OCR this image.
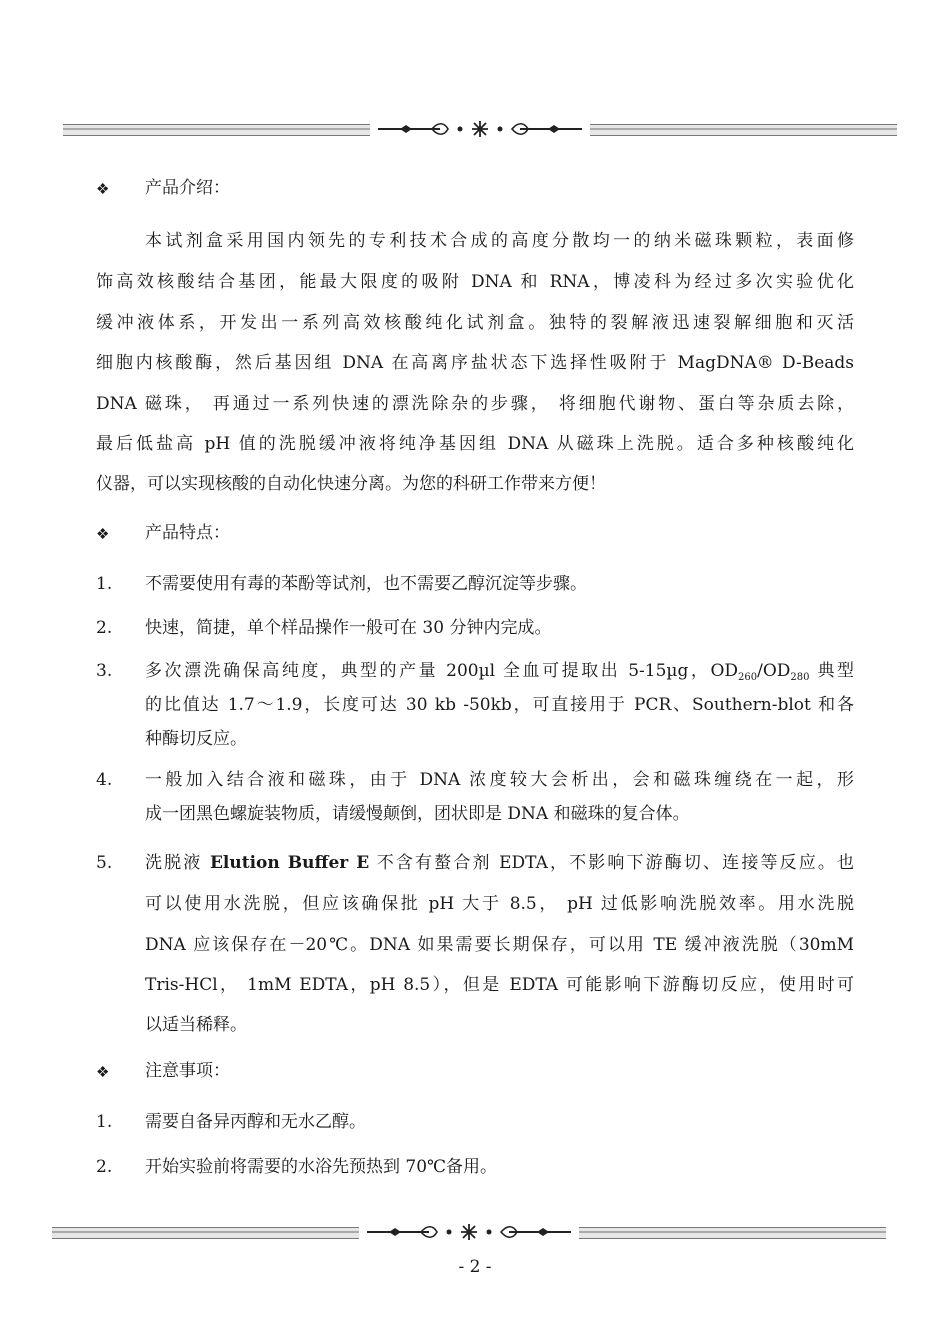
❖ 产品介绍：
本试剂盒采用国内领先的专利技术合成的高度分散均一的纳米磁珠颗粒，表面修
饰高效核酸结合基团，能最大限度的吸附 DNA 和 RNA，博凌科为经过多次实验优化
缓冲液体系，开发出一系列高效核酸纯化试剂盒。独特的裂解液迅速裂解细胞和灭活
细胞内核酸酶，然后基因组 DNA 在高离序盐状态下选择性吸附于 MagDNA® D-Beads
DNA 磁珠， 再通过一系列快速的漂洗除杂的步骤， 将细胞代谢物、蛋白等杂质去除，
最后低盐高 pH 值的洗脱缓冲液将纯净基因组 DNA 从磁珠上洗脱。适合多种核酸纯化
仪器，可以实现核酸的自动化快速分离。为您的科研工作带来方便！
❖ 产品特点：
1. 不需要使用有毒的苯酚等试剂，也不需要乙醇沉淀等步骤。
2. 快速，简捷，单个样品操作一般可在 30 分钟内完成。
3. 多次漂洗确保高纯度，典型的产量 200µl 全血可提取出 5-15µg，$OD_{260}/OD_{280}$ 典型
的比值达 1.7～1.9，长度可达 30 kb -50kb，可直接用于 PCR、Southern-blot 和各
种酶切反应。
4. 一般加入结合液和磁珠，由于 DNA 浓度较大会析出，会和磁珠缠绕在一起，形
成一团黑色螺旋装物质，请缓慢颠倒，团状即是 DNA 和磁珠的复合体。
5. 洗脱液 Elution Buffer E 不含有螯合剂 EDTA，不影响下游酶切、连接等反应。也
可以使用水洗脱，但应该确保批 pH 大于 8.5， pH 过低影响洗脱效率。用水洗脱
DNA 应该保存在－20℃。DNA 如果需要长期保存，可以用 TE 缓冲液洗脱（30mM
Tris-HCl， 1mM EDTA，pH 8.5），但是 EDTA 可能影响下游酶切反应，使用时可
以适当稀释。
❖ 注意事项：
1. 需要自备异丙醇和无水乙醇。
2. 开始实验前将需要的水浴先预热到 70℃备用。
- 2 -
